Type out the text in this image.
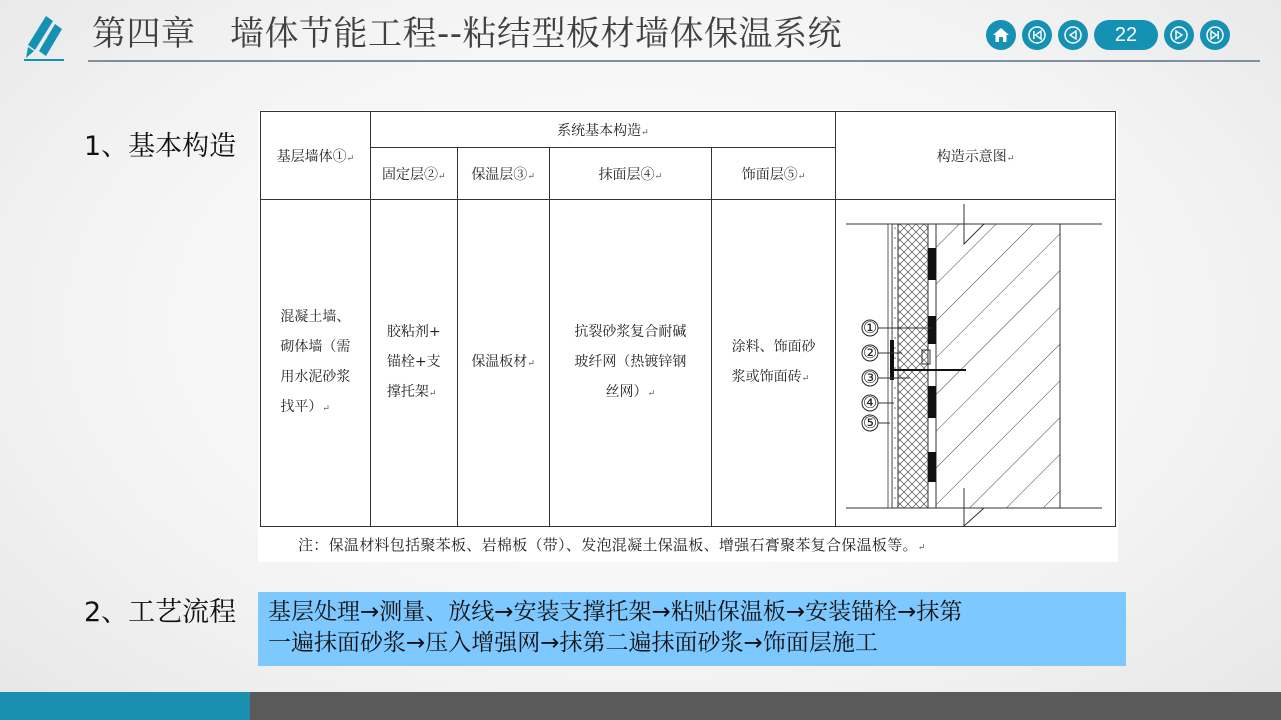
第四章　墙体节能工程--粘结型板材墙体保温系统	22
1、基本构造
2、工艺流程
基层墙体①↵	系统基本构造↵				构造示意图↵
	固定层②↵	保温层③↵	抹面层④↵	饰面层⑤↵	
混凝土墙、
砌体墙（需
用水泥砂浆
找平）↵	胶粘剂+
锚栓+支
撑托架↵	保温板材↵	抗裂砂浆复合耐碱
玻纤网（热镀锌钢
丝网）↵	涂料、饰面砂
浆或饰面砖↵	①
②
③
④
⑤
注：保温材料包括聚苯板、岩棉板（带）、发泡混凝土保温板、增强石膏聚苯复合保温板等。↵
基层处理→测量、放线→安装支撑托架→粘贴保温板→安装锚栓→抹第
一遍抹面砂浆→压入增强网→抹第二遍抹面砂浆→饰面层施工
